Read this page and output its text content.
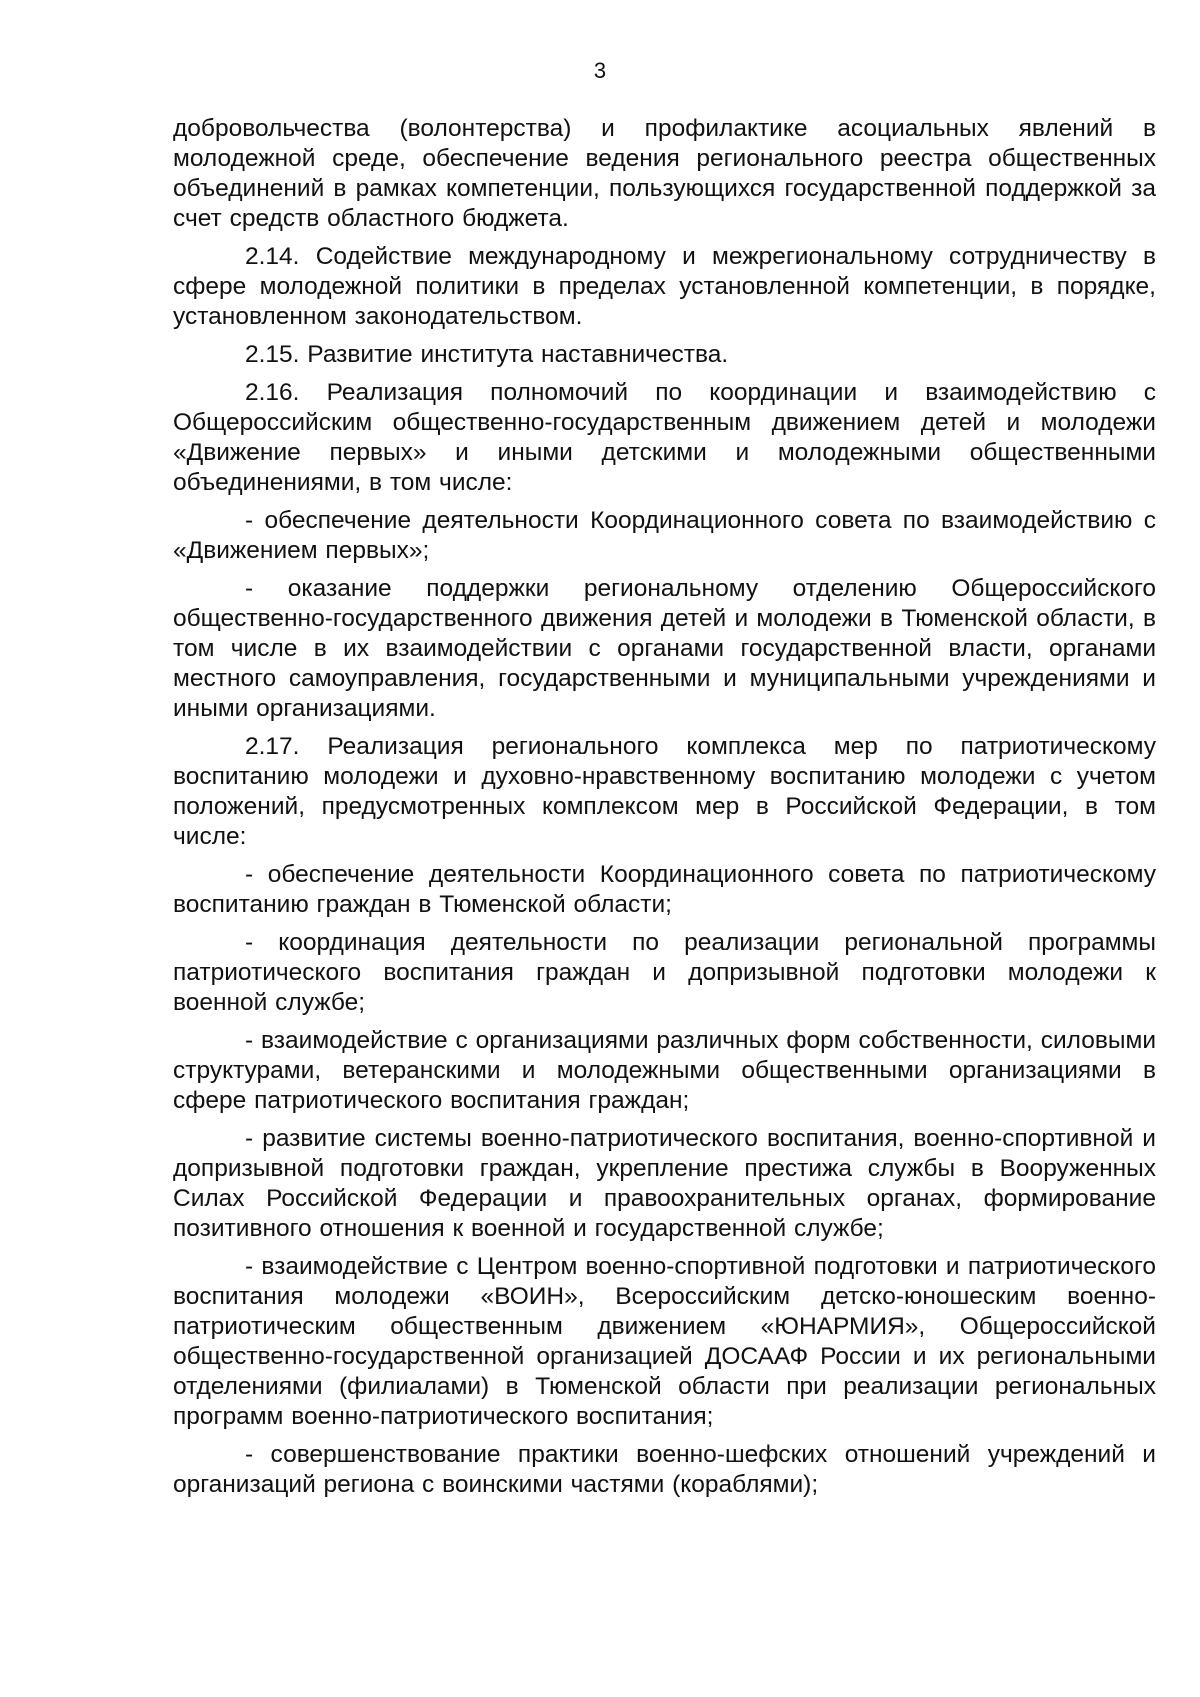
3

добровольчества (волонтерства) и профилактике асоциальных явлений в молодежной среде, обеспечение ведения регионального реестра общественных объединений в рамках компетенции, пользующихся государственной поддержкой за счет средств областного бюджета.

2.14. Содействие международному и межрегиональному сотрудничеству в сфере молодежной политики в пределах установленной компетенции, в порядке, установленном законодательством.

2.15. Развитие института наставничества.

2.16. Реализация полномочий по координации и взаимодействию с Общероссийским общественно-государственным движением детей и молодежи «Движение первых» и иными детскими и молодежными общественными объединениями, в том числе:

- обеспечение деятельности Координационного совета по взаимодействию с «Движением первых»;

- оказание поддержки региональному отделению Общероссийского общественно-государственного движения детей и молодежи в Тюменской области, в том числе в их взаимодействии с органами государственной власти, органами местного самоуправления, государственными и муниципальными учреждениями и иными организациями.

2.17. Реализация регионального комплекса мер по патриотическому воспитанию молодежи и духовно-нравственному воспитанию молодежи с учетом положений, предусмотренных комплексом мер в Российской Федерации, в том числе:

- обеспечение деятельности Координационного совета по патриотическому воспитанию граждан в Тюменской области;

- координация деятельности по реализации региональной программы патриотического воспитания граждан и допризывной подготовки молодежи к военной службе;

- взаимодействие с организациями различных форм собственности, силовыми структурами, ветеранскими и молодежными общественными организациями в сфере патриотического воспитания граждан;

- развитие системы военно-патриотического воспитания, военно-спортивной и допризывной подготовки граждан, укрепление престижа службы в Вооруженных Силах Российской Федерации и правоохранительных органах, формирование позитивного отношения к военной и государственной службе;

- взаимодействие с Центром военно-спортивной подготовки и патриотического воспитания молодежи «ВОИН», Всероссийским детско-юношеским военно-патриотическим общественным движением «ЮНАРМИЯ», Общероссийской общественно-государственной организацией ДОСААФ России и их региональными отделениями (филиалами) в Тюменской области при реализации региональных программ военно-патриотического воспитания;

- совершенствование практики военно-шефских отношений учреждений и организаций региона с воинскими частями (кораблями);
